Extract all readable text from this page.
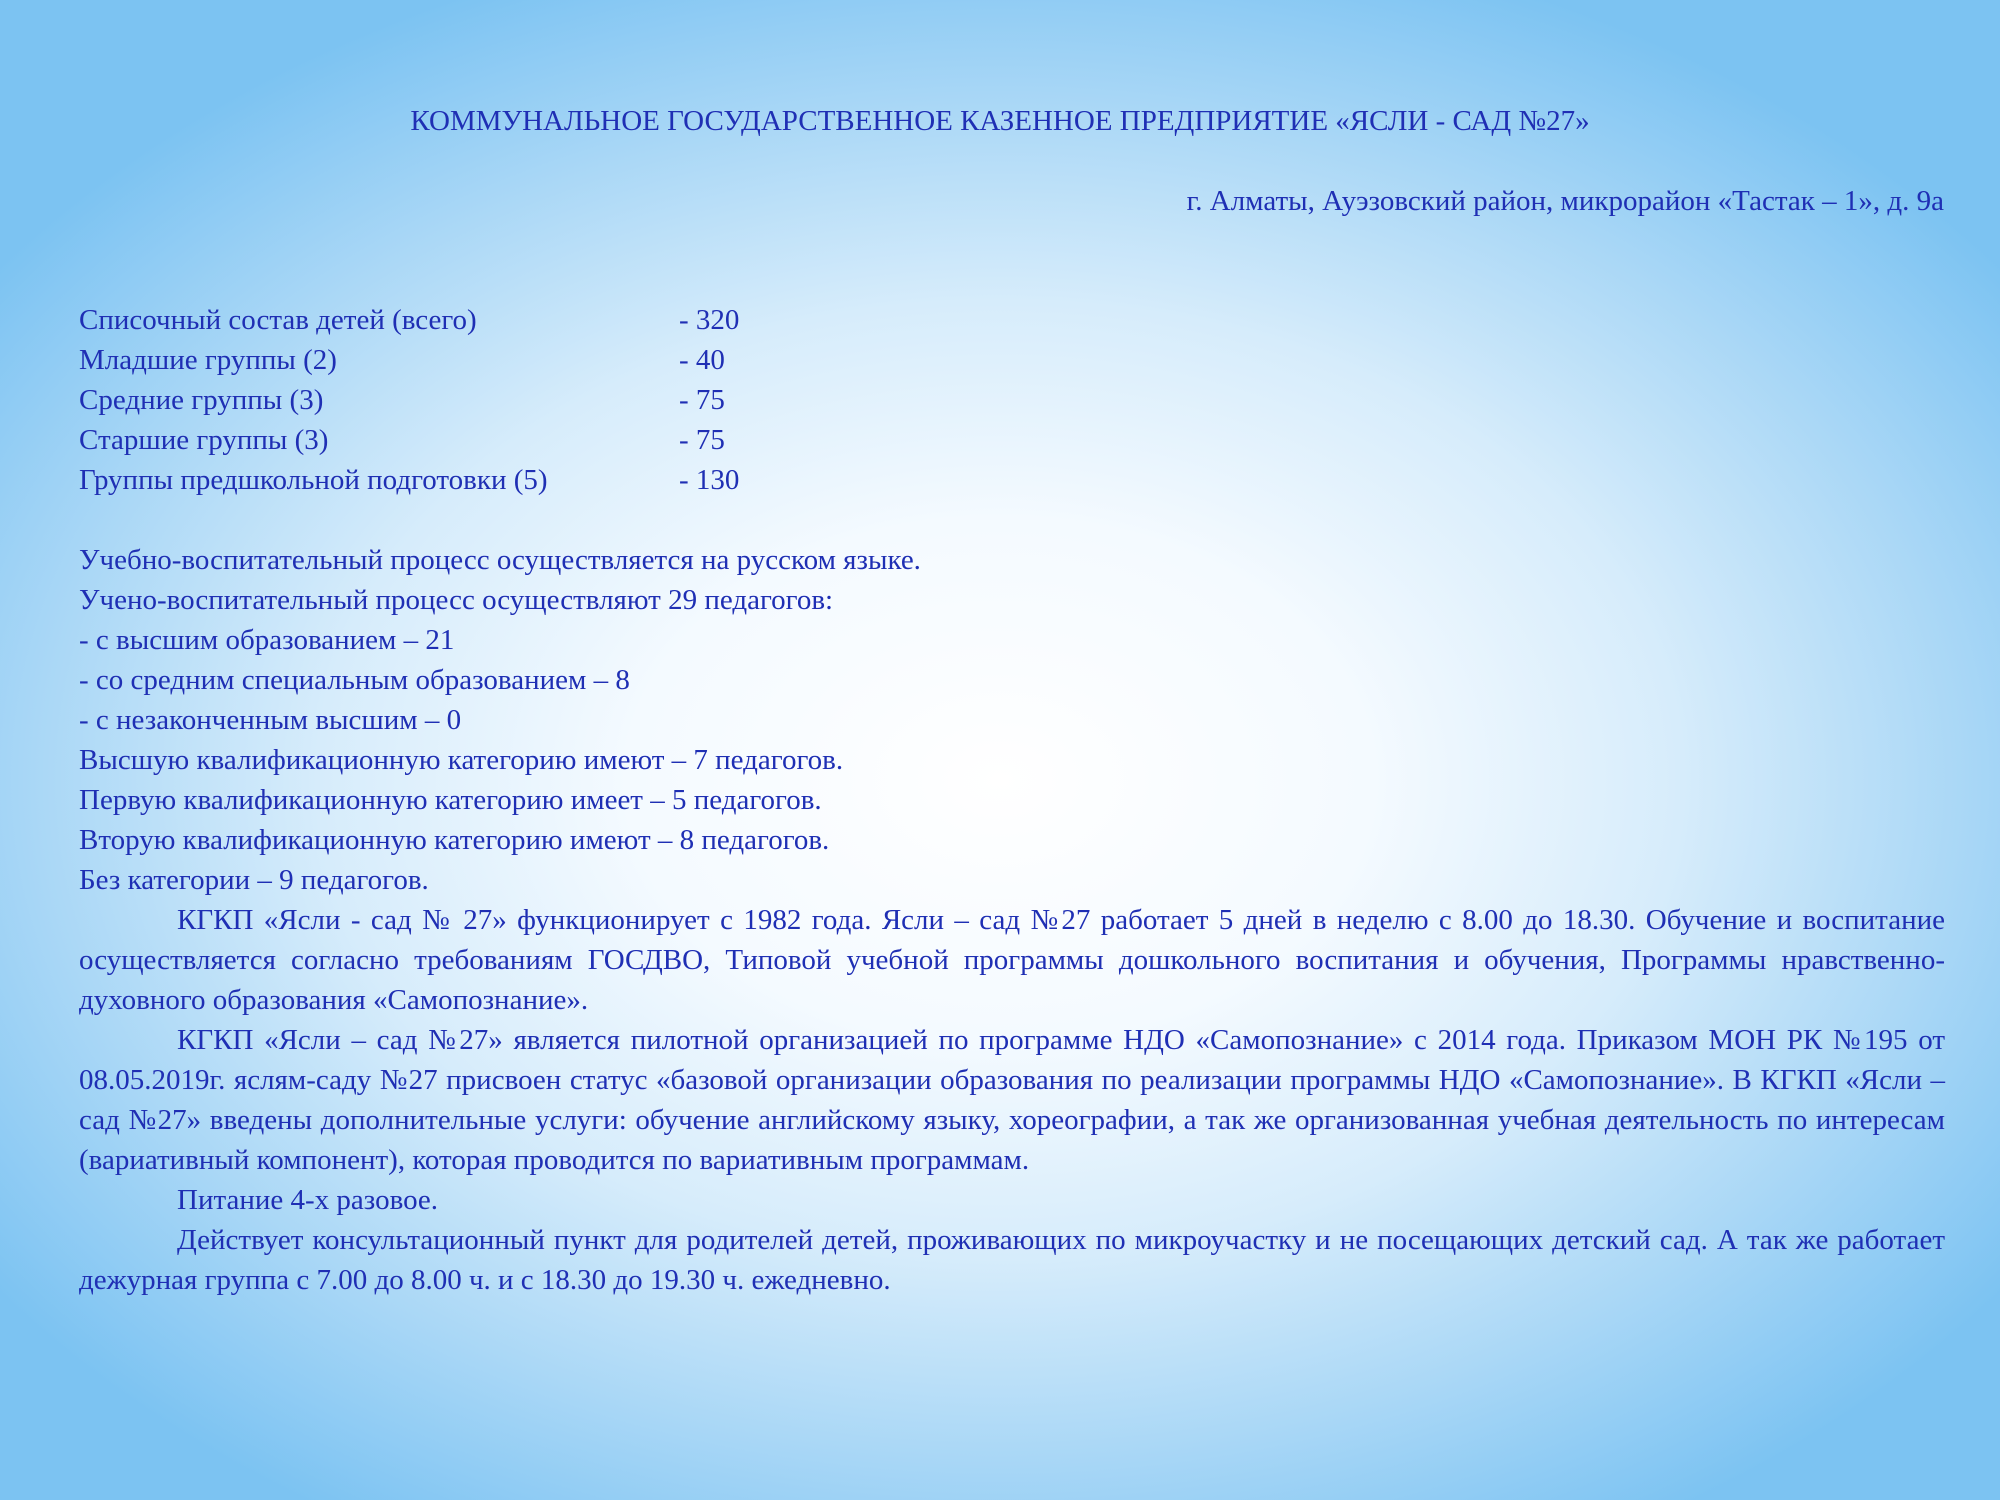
КОММУНАЛЬНОЕ ГОСУДАРСТВЕННОЕ КАЗЕННОЕ ПРЕДПРИЯТИЕ «ЯСЛИ - САД №27»
г. Алматы, Ауэзовский район, микрорайон «Тастак – 1», д. 9а
Списочный состав детей (всего)	- 320
Младшие группы (2)	- 40
Средние группы (3)	- 75
Старшие группы (3)	- 75
Группы предшкольной подготовки (5)	- 130
Учебно-воспитательный процесс осуществляется на русском языке.
Учено-воспитательный процесс осуществляют 29 педагогов:
- с высшим образованием – 21
- со средним специальным образованием – 8
- с незаконченным высшим – 0
Высшую квалификационную категорию имеют – 7 педагогов.
Первую квалификационную категорию имеет – 5 педагогов.
Вторую квалификационную категорию имеют – 8 педагогов.
Без категории – 9 педагогов.
КГКП «Ясли - сад № 27» функционирует с 1982 года. Ясли – сад №27 работает 5 дней в неделю с 8.00 до 18.30. Обучение и воспитание осуществляется согласно требованиям ГОСДВО, Типовой учебной программы дошкольного воспитания и обучения, Программы нравственно-духовного образования «Самопознание».
КГКП «Ясли – сад №27» является пилотной организацией по программе НДО «Самопознание» с 2014 года. Приказом МОН РК №195 от 08.05.2019г. яслям-саду №27 присвоен статус «базовой организации образования по реализации программы НДО «Самопознание». В КГКП «Ясли – сад №27» введены дополнительные услуги: обучение английскому языку, хореографии, а так же организованная учебная деятельность по интересам (вариативный компонент), которая проводится по вариативным программам.
Питание 4-х разовое.
Действует консультационный пункт для родителей детей, проживающих по микроучастку и не посещающих детский сад. А так же работает дежурная группа с 7.00 до 8.00 ч. и с 18.30 до 19.30 ч. ежедневно.
